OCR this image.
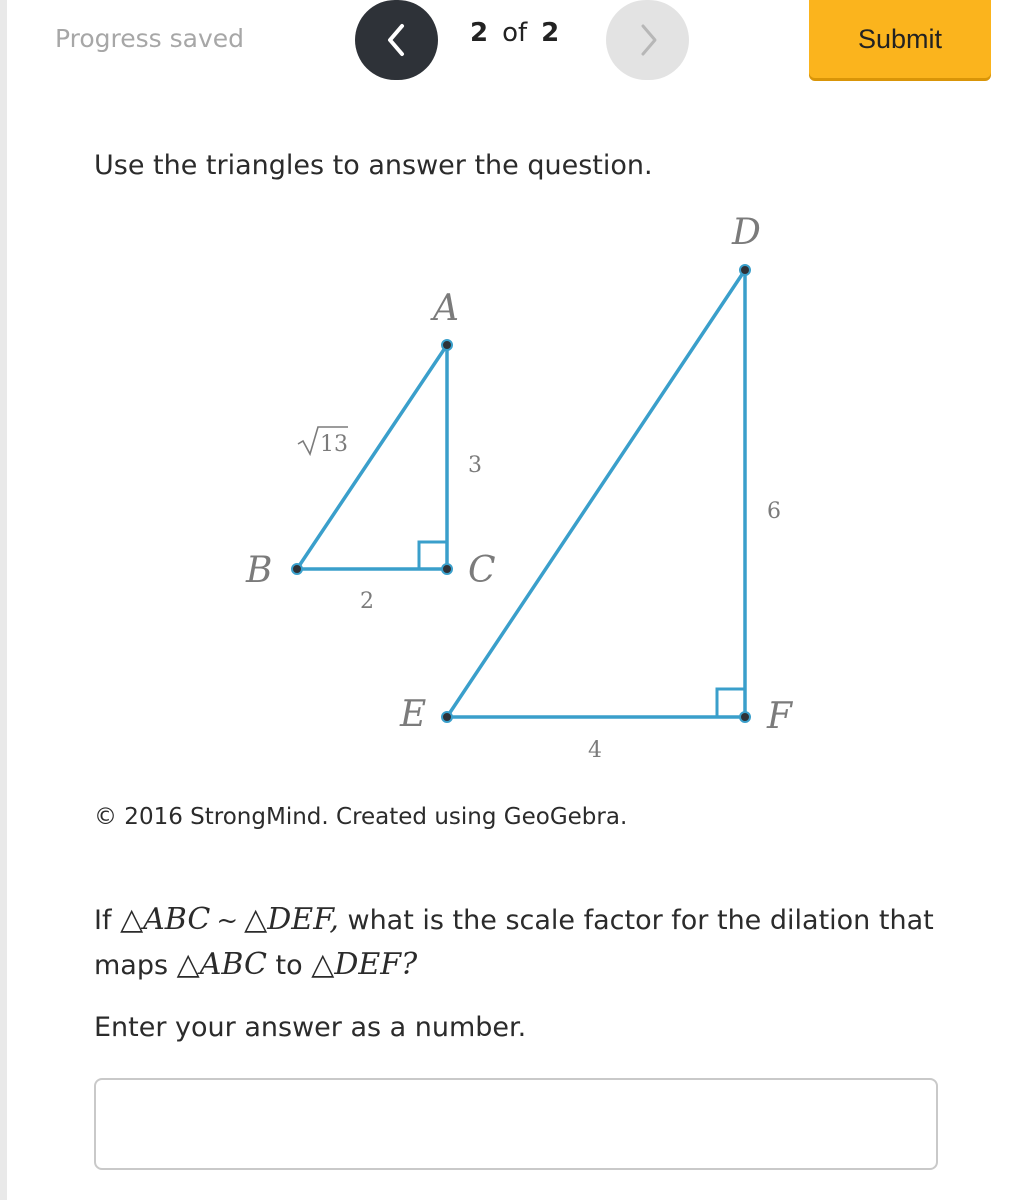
Progress saved	2 of 2	Submit
Use the triangles to answer the question.
A
B	C
13
3
2
D
E	F
6
4
© 2016 StrongMind. Created using GeoGebra.
If △ABC ~ △DEF, what is the scale factor for the dilation that maps △ABC to △DEF?
Enter your answer as a number.
